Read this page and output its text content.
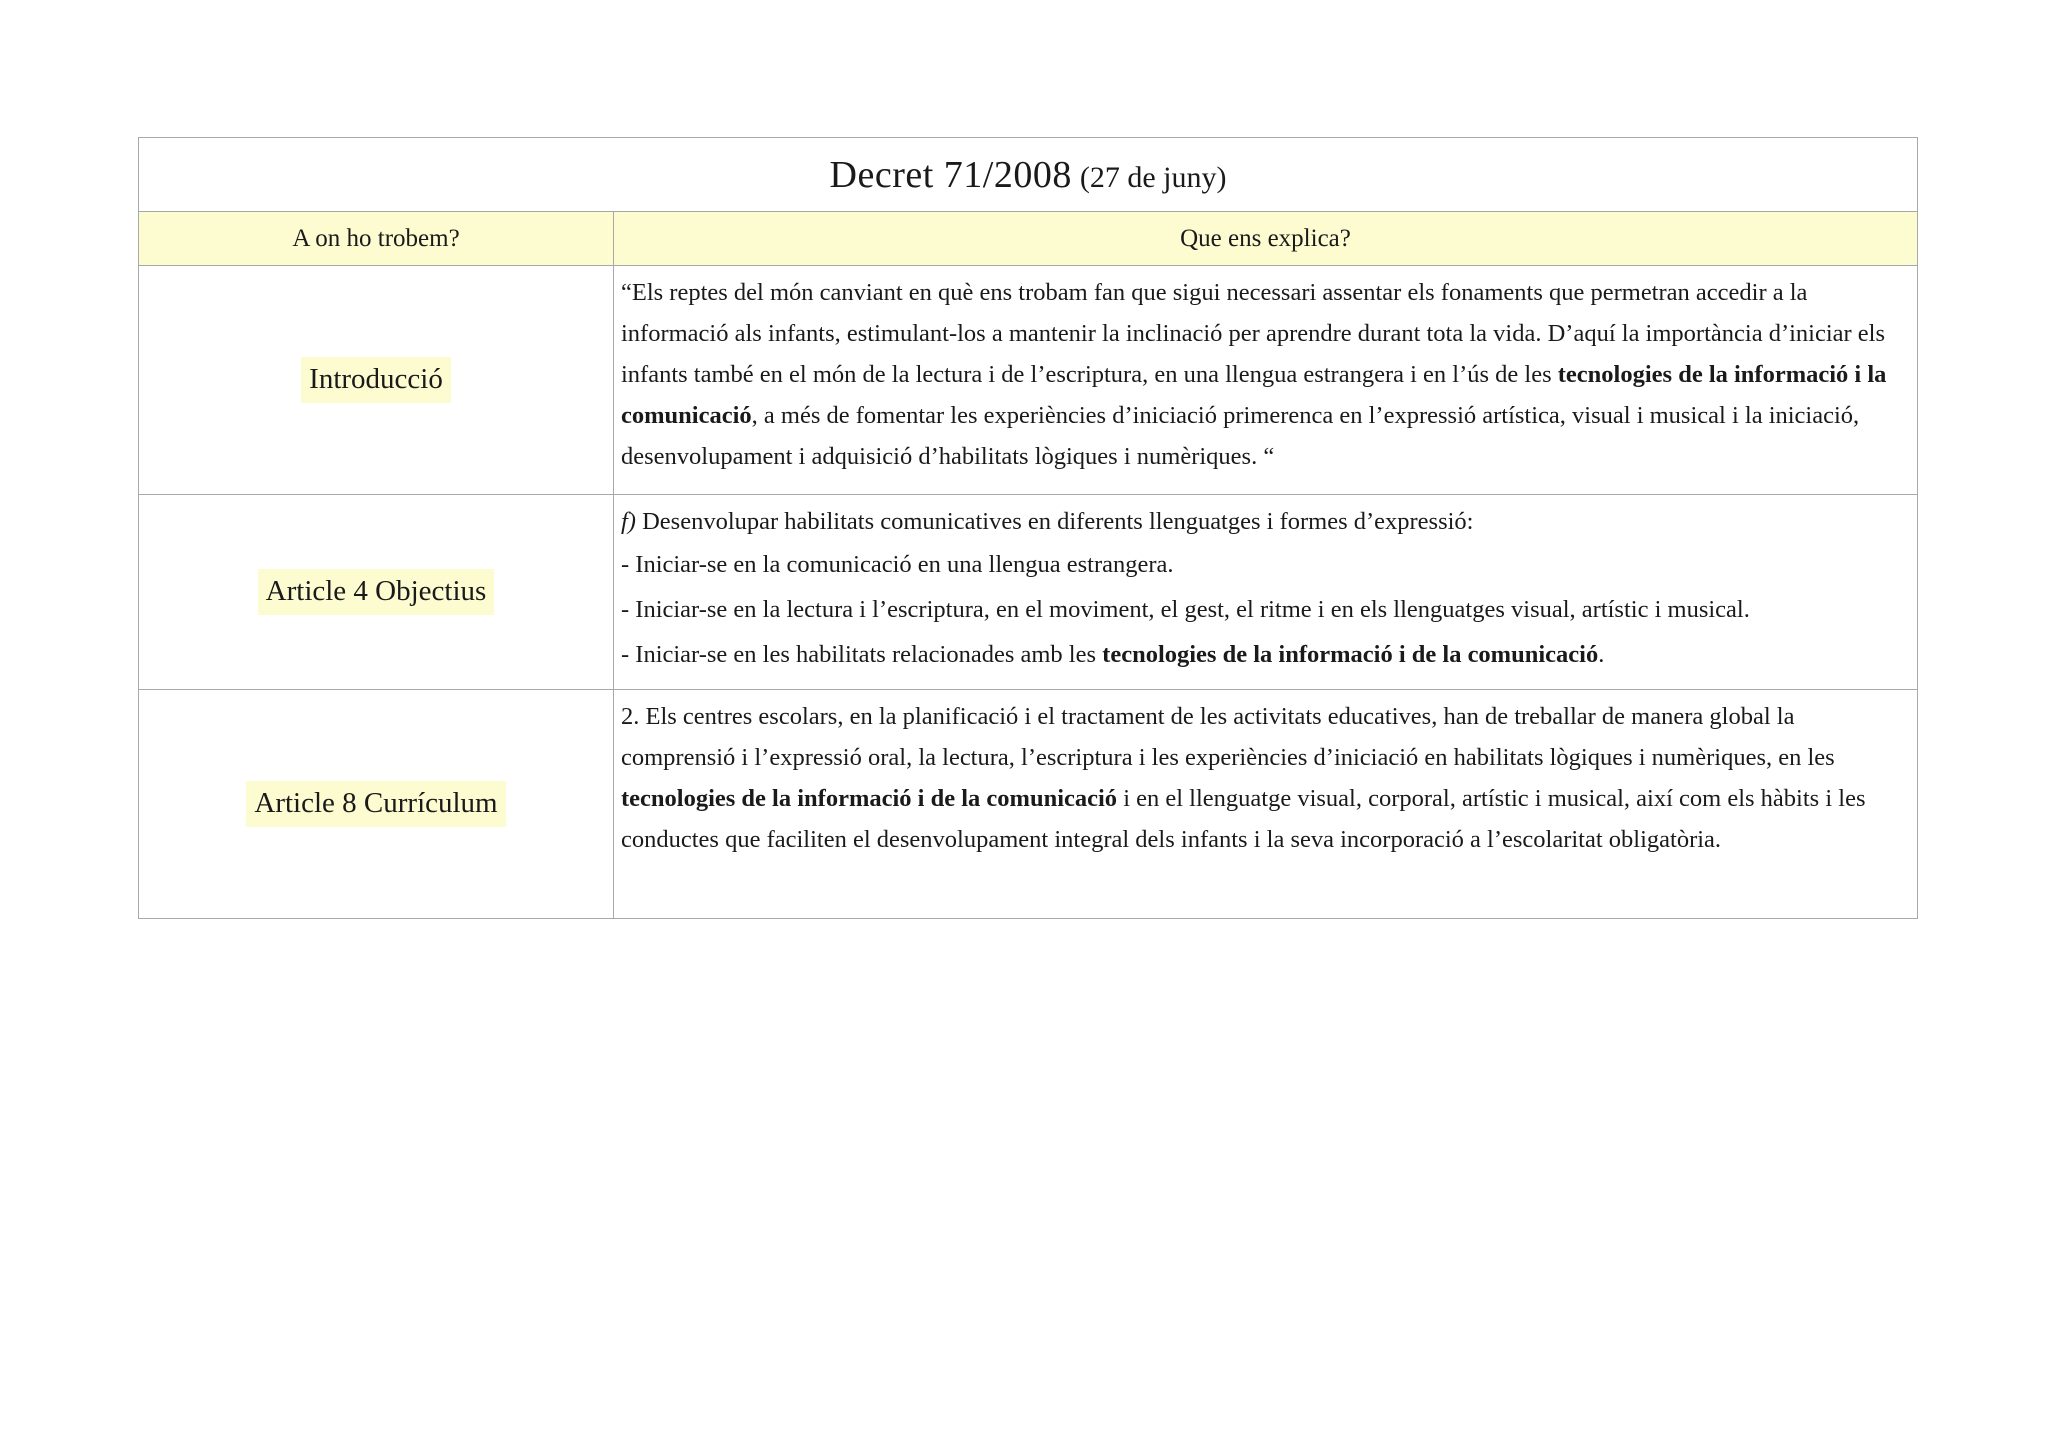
Decret 71/2008 (27 de juny)	
A on ho trobem?	Que ens explica?
Introducció	“Els reptes del món canviant en què ens trobam fan que sigui necessari assentar els fonaments que permetran accedir a la informació als infants, estimulant-los a mantenir la inclinació per aprendre durant tota la vida. D’aquí la importància d’iniciar els infants també en el món de la lectura i de l’escriptura, en una llengua estrangera i en l’ús de les tecnologies de la informació i la comunicació, a més de fomentar les experiències d’iniciació primerenca en l’expressió artística, visual i musical i la iniciació, desenvolupament i adquisició d’habilitats lògiques i numèriques. “
Article 4 Objectius	f) Desenvolupar habilitats comunicatives en diferents llenguatges i formes d’expressió:
- Iniciar-se en la comunicació en una llengua estrangera.
- Iniciar-se en la lectura i l’escriptura, en el moviment, el gest, el ritme i en els llenguatges visual, artístic i musical.
- Iniciar-se en les habilitats relacionades amb les tecnologies de la informació i de la comunicació.

Article 8 Currículum	2. Els centres escolars, en la planificació i el tractament de les activitats educatives, han de treballar de manera global la comprensió i l’expressió oral, la lectura, l’escriptura i les experiències d’iniciació en habilitats lògiques i numèriques, en les tecnologies de la informació i de la comunicació i en el llenguatge visual, corporal, artístic i musical, així com els hàbits i les conductes que faciliten el desenvolupament integral dels infants i la seva incorporació a l’escolaritat obligatòria.
